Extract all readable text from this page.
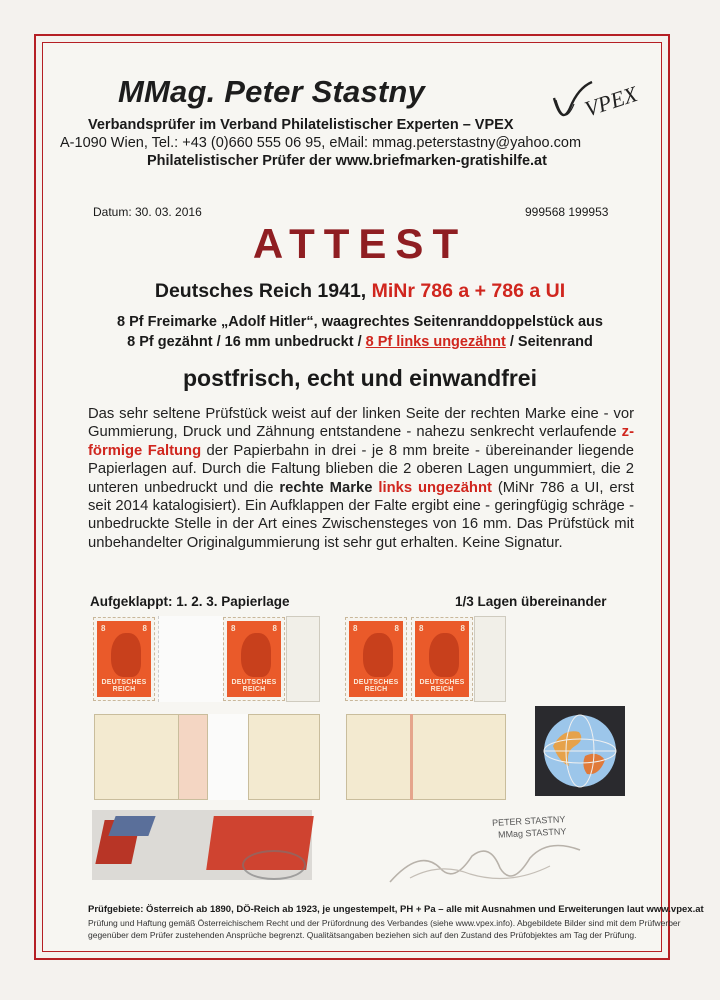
MMag. Peter Stastny	VPEX
Verbandsprüfer im Verband Philatelistischer Experten – VPEX
A-1090 Wien, Tel.: +43 (0)660 555 06 95, eMail: mmag.peterstastny@yahoo.com
Philatelistischer Prüfer der www.briefmarken-gratishilfe.at
Datum: 30. 03. 2016	999568 199953
ATTEST
Deutsches Reich 1941, MiNr 786 a + 786 a UI
8 Pf Freimarke „Adolf Hitler“, waagrechtes Seitenranddoppelstück aus
8 Pf gezähnt / 16 mm unbedruckt / 8 Pf links ungezähnt / Seitenrand
postfrisch, echt und einwandfrei
Das sehr seltene Prüfstück weist auf der linken Seite der rechten Marke eine - vor Gummierung, Druck und Zähnung entstandene - nahezu senkrecht verlaufende z-förmige Faltung der Papierbahn in drei - je 8 mm breite - übereinander liegende Papierlagen auf. Durch die Faltung blieben die 2 oberen Lagen ungummiert, die 2 unteren unbedruckt und die rechte Marke links ungezähnt (MiNr 786 a UI, erst seit 2014 katalogisiert). Ein Aufklappen der Falte ergibt eine - geringfügig schräge - unbedruckte Stelle in der Art eines Zwischensteges von 16 mm. Das Prüfstück mit unbehandelter Originalgummierung ist sehr gut erhalten. Keine Signatur.
Aufgeklappt: 1. 2. 3. Papierlage	1/3 Lagen übereinander
8	8
DEUTSCHES REICH
8	8
DEUTSCHES REICH
8	8
DEUTSCHES REICH
8	8
DEUTSCHES REICH
PETER STASTNY
MMag STASTNY
Prüfgebiete: Österreich ab 1890, DÖ-Reich ab 1923, je ungestempelt, PH + Pa – alle mit Ausnahmen und Erweiterungen laut www.vpex.at
Prüfung und Haftung gemäß Österreichischem Recht und der Prüfordnung des Verbandes (siehe www.vpex.info). Abgebildete Bilder sind mit dem Prüfwerber
gegenüber dem Prüfer zustehenden Ansprüche begrenzt. Qualitätsangaben beziehen sich auf den Zustand des Prüfobjektes am Tag der Prüfung.
